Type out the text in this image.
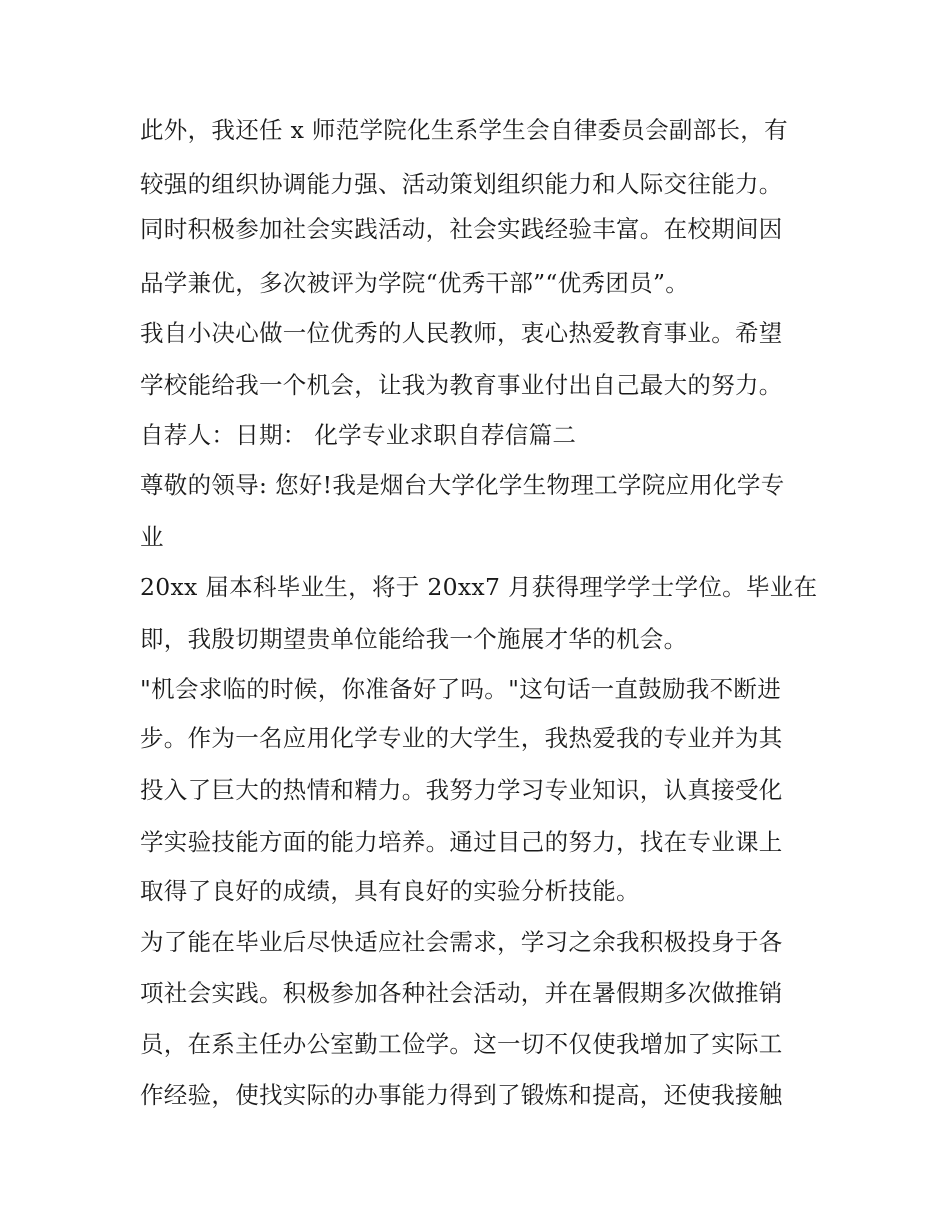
此外，我还任 x 师范学院化生系学生会自律委员会副部长，有
较强的组织协调能力强、活动策划组织能力和人际交往能力。
同时积极参加社会实践活动，社会实践经验丰富。在校期间因
品学兼优，多次被评为学院“优秀干部”“优秀团员”。
我自小决心做一位优秀的人民教师，衷心热爱教育事业。希望
学校能给我一个机会，让我为教育事业付出自己最大的努力。
自荐人：日期： 化学专业求职自荐信篇二
尊敬的领导: 您好!我是烟台大学化学生物理工学院应用化学专
业
20xx 届本科毕业生，将于 20xx7 月获得理学学士学位。毕业在
即，我殷切期望贵单位能给我一个施展才华的机会。
"机会求临的时候，你准备好了吗。"这句话一直鼓励我不断进
步。作为一名应用化学专业的大学生，我热爱我的专业并为其
投入了巨大的热情和精力。我努力学习专业知识，认真接受化
学实验技能方面的能力培养。通过目己的努力，找在专业课上
取得了良好的成绩，具有良好的实验分析技能。
为了能在毕业后尽快适应社会需求，学习之余我积极投身于各
项社会实践。积极参加各种社会活动，并在暑假期多次做推销
员，在系主任办公室勤工俭学。这一切不仅使我增加了实际工
作经验，使找实际的办事能力得到了锻炼和提高，还使我接触
